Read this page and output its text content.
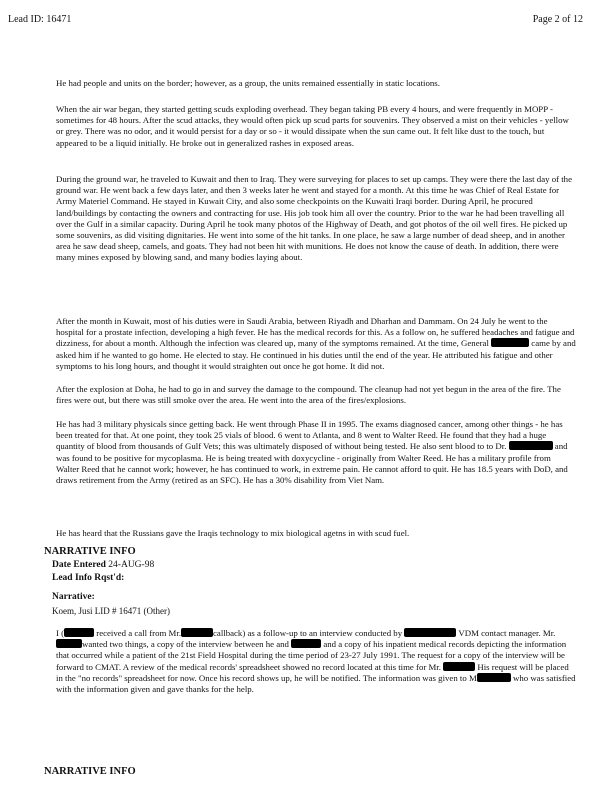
Lead ID: 16471	Page 2 of 12

He had people and units on the border; however, as a group, the units remained essentially in static locations.

When the air war began, they started getting scuds exploding overhead. They began taking PB every 4 hours, and were frequently in MOPP - sometimes for 48 hours. After the scud attacks, they would often pick up scud parts for souvenirs. They observed a mist on their vehicles - yellow or grey. There was no odor, and it would persist for a day or so - it would dissipate when the sun came out. It felt like dust to the touch, but appeared to be a liquid initially. He broke out in generalized rashes in exposed areas.

During the ground war, he traveled to Kuwait and then to Iraq. They were surveying for places to set up camps. They were there the last day of the ground war. He went back a few days later, and then 3 weeks later he went and stayed for a month. At this time he was Chief of Real Estate for Army Materiel Command. He stayed in Kuwait City, and also some checkpoints on the Kuwaiti Iraqi border. During April, he procured land/buildings by contacting the owners and contracting for use. His job took him all over the country. Prior to the war he had been travelling all over the Gulf in a similar capacity. During April he took many photos of the Highway of Death, and got photos of the oil well fires. He picked up some souvenirs, as did visiting dignitaries. He went into some of the hit tanks. In one place, he saw a large number of dead sheep, and in another area he saw dead sheep, camels, and goats. They had not been hit with munitions. He does not know the cause of death. In addition, there were many mines exposed by blowing sand, and many bodies laying about.

After the month in Kuwait, most of his duties were in Saudi Arabia, between Riyadh and Dharhan and Dammam. On 24 July he went to the hospital for a prostate infection, developing a high fever. He has the medical records for this. As a follow on, he suffered headaches and fatigue and dizziness, for about a month. Although the infection was cleared up, many of the symptoms remained. At the time, General	came by and asked him if he wanted to go home. He elected to stay. He continued in his duties until the end of the year. He attributed his fatigue and other symptoms to his long hours, and thought it would straighten out once he got home. It did not.

After the explosion at Doha, he had to go in and survey the damage to the compound. The cleanup had not yet begun in the area of the fire. The fires were out, but there was still smoke over the area. He went into the area of the fires/explosions.

He has had 3 military physicals since getting back. He went through Phase II in 1995. The exams diagnosed cancer, among other things - he has been treated for that. At one point, they took 25 vials of blood. 6 went to Atlanta, and 8 went to Walter Reed. He found that they had a huge quantity of blood from thousands of Gulf Vets; this was ultimately disposed of without being tested. He also sent blood to to Dr.	and was found to be positive for mycoplasma. He is being treated with doxycycline - originally from Walter Reed. He has a military profile from Walter Reed that he cannot work; however, he has continued to work, in extreme pain. He cannot afford to quit. He has 18.5 years with DoD, and draws retirement from the Army (retired as an SFC). He has a 30% disability from Viet Nam.

He has heard that the Russians gave the Iraqis technology to mix biological agetns in with scud fuel.

NARRATIVE INFO
Date Entered 24-AUG-98
Lead Info Rqst'd:
Narrative:
Koem, Jusi LID # 16471 (Other)

I (	received a call from Mr.	callback) as a follow-up to an interview conducted by	VDM contact manager. Mr.wanted two things, a copy of the interview between he and	and a copy of his inpatient medical records depicting the information that occurred while a patient of the 21st Field Hospital during the time period of 23-27 July 1991. The request for a copy of the interview will be forward to CMAT. A review of the medical records' spreadsheet showed no record located at this time for Mr.	His request will be placed in the "no records" spreadsheet for now. Once his record shows up, he will be notified. The information was given to M	who was satisfied with the information given and gave thanks for the help.

NARRATIVE INFO
